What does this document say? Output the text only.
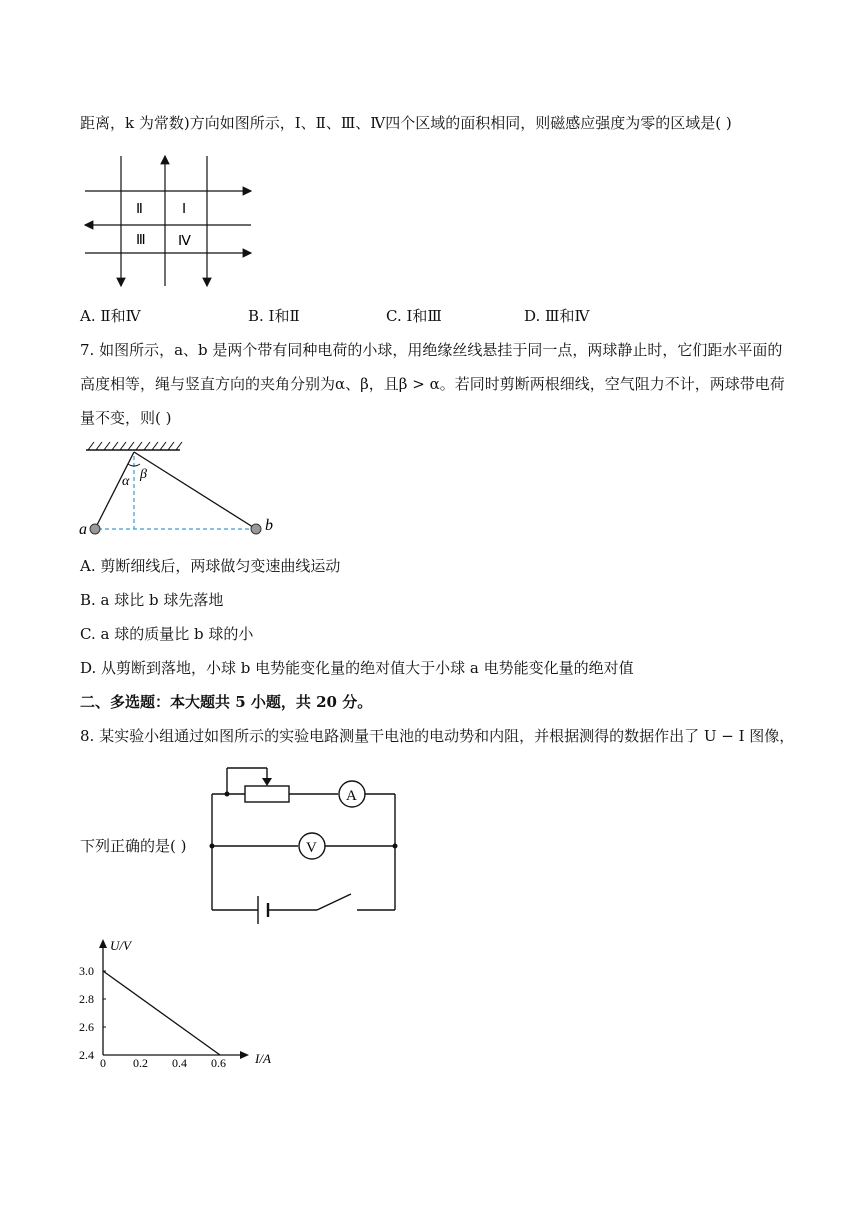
距离，k 为常数)方向如图所示，Ⅰ、Ⅱ、Ⅲ、Ⅳ四个区域的面积相同，则磁感应强度为零的区域是( )
Ⅱ	Ⅰ
Ⅲ Ⅳ
A. Ⅱ和Ⅳ	B. Ⅰ和Ⅱ	C. Ⅰ和Ⅲ	D. Ⅲ和Ⅳ
7. 如图所示，a、b 是两个带有同种电荷的小球，用绝缘丝线悬挂于同一点，两球静止时，它们距水平面的
高度相等，绳与竖直方向的夹角分别为α、β，且β > α。若同时剪断两根细线，空气阻力不计，两球带电荷
量不变，则( )
α β
a	b
A. 剪断细线后，两球做匀变速曲线运动
B. a 球比 b 球先落地
C. a 球的质量比 b 球的小
D. 从剪断到落地，小球 b 电势能变化量的绝对值大于小球 a 电势能变化量的绝对值
二、多选题：本大题共 5 小题，共 20 分。
8. 某实验小组通过如图所示的实验电路测量干电池的电动势和内阻，并根据测得的数据作出了 U − I 图像，
A
V
下列正确的是( )
U/V
I/A
0 0.2 0.4 0.6
2.4
2.6
2.8
3.0
